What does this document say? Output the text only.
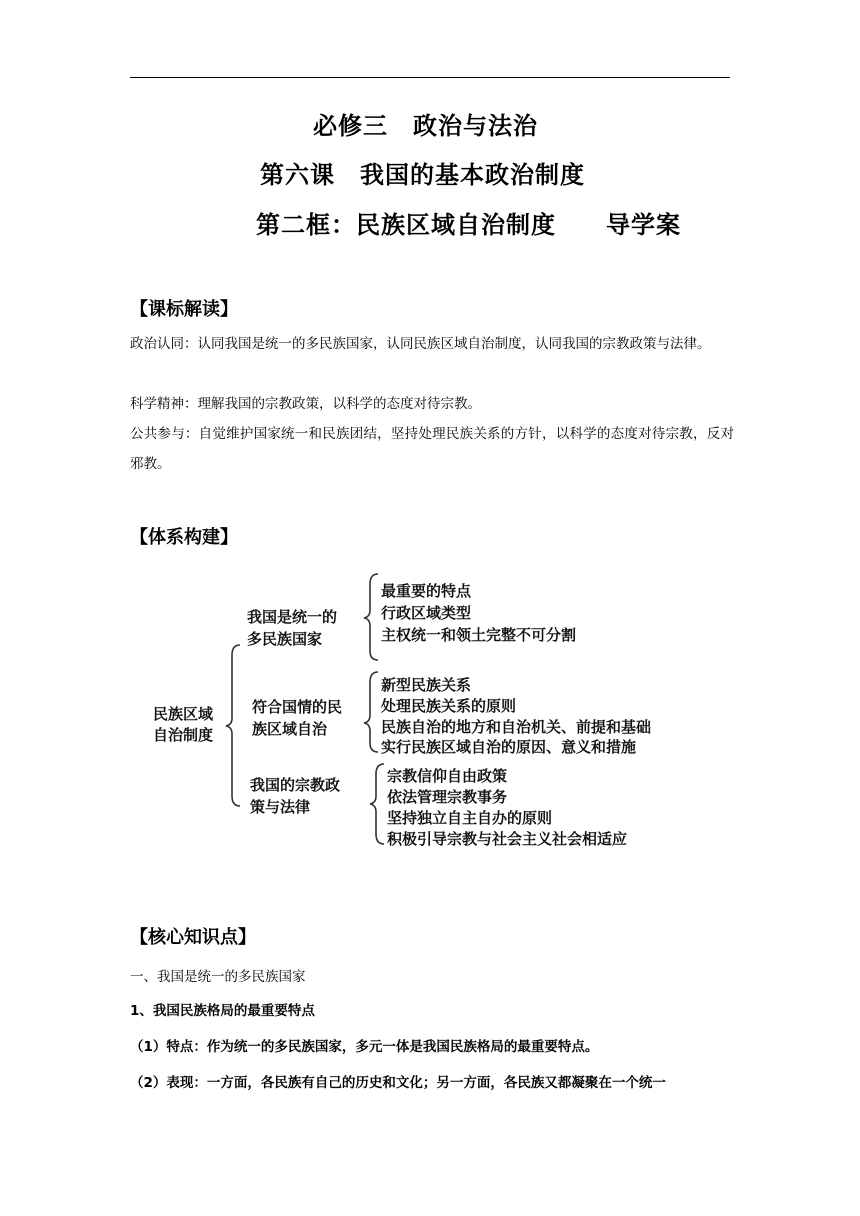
必修三　政治与法治
第六课　我国的基本政治制度
第二框：民族区域自治制度　　导学案
【课标解读】
政治认同：认同我国是统一的多民族国家，认同民族区域自治制度，认同我国的宗教政策与法律。
科学精神：理解我国的宗教政策，以科学的态度对待宗教。
公共参与：自觉维护国家统一和民族团结，坚持处理民族关系的方针，以科学的态度对待宗教，反对邪教。
【体系构建】
民族区域
自治制度
我国是统一的
多民族国家
最重要的特点
行政区域类型
主权统一和领土完整不可分割
符合国情的民
族区域自治
新型民族关系
处理民族关系的原则
民族自治的地方和自治机关、前提和基础
实行民族区域自治的原因、意义和措施
我国的宗教政
策与法律
宗教信仰自由政策
依法管理宗教事务
坚持独立自主自办的原则
积极引导宗教与社会主义社会相适应
【核心知识点】
一、我国是统一的多民族国家
1、我国民族格局的最重要特点
（1）特点：作为统一的多民族国家，多元一体是我国民族格局的最重要特点。
（2）表现：一方面，各民族有自己的历史和文化；另一方面，各民族又都凝聚在一个统一
